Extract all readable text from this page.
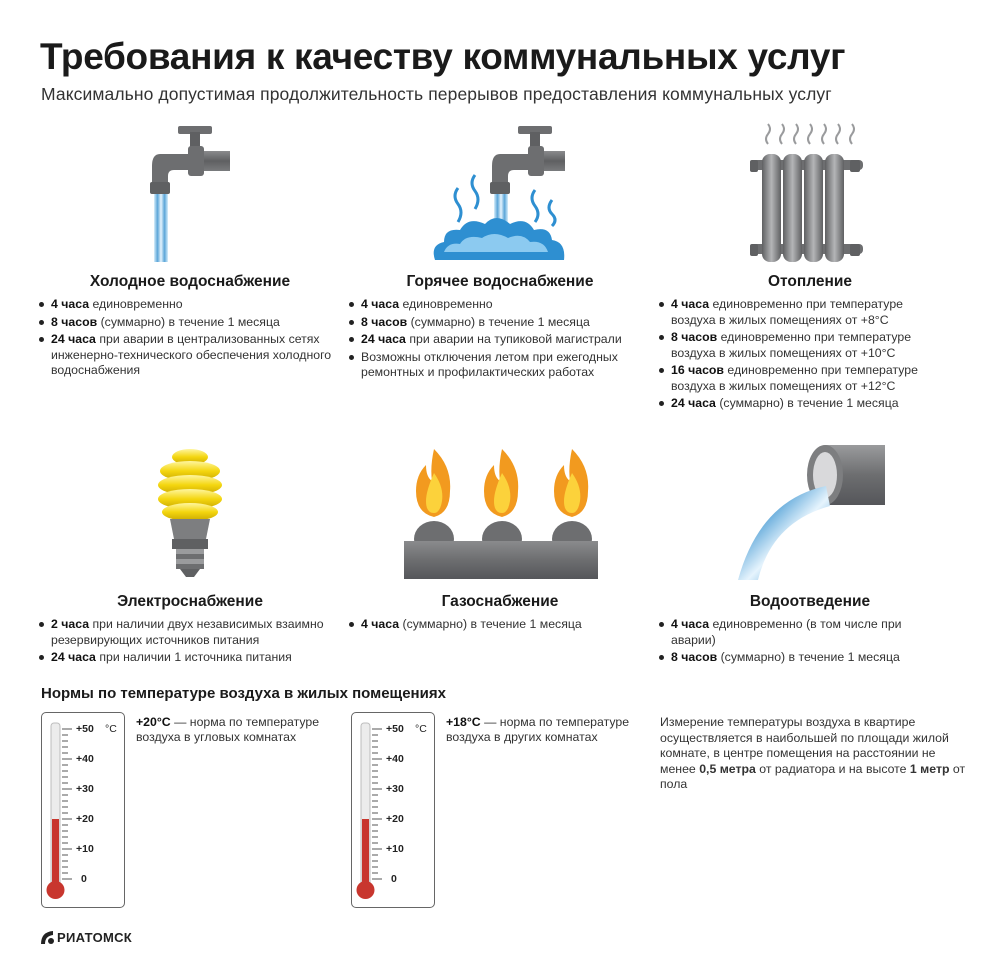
Требования к качеству коммунальных услуг
Максимально допустимая продолжительность перерывов предоставления коммунальных услуг
Холодное водоснабжение	Горячее водоснабжение	Отопление
Электроснабжение	Газоснабжение	Водоотведение
4 часа единовременно
8 часов (суммарно) в течение 1 месяца
24 часа при аварии в централизованных сетях инженерно-технического обеспечения холодного водоснабжения
4 часа единовременно
8 часов (суммарно) в течение 1 месяца
24 часа при аварии на тупиковой магистрали
Возможны отключения летом при ежегодных ремонтных и профилактических работах
4 часа единовременно при температуре воздуха в жилых помещениях от +8°C
8 часов единовременно при температуре воздуха в жилых помещениях от +10°C
16 часов единовременно при температуре воздуха в жилых помещениях от +12°C
24 часа (суммарно) в течение 1 месяца
2 часа при наличии двух независимых взаимно резервирующих источников питания
24 часа при наличии 1 источника питания
4 часа (суммарно) в течение 1 месяца	4 часа единовременно (в том числе при аварии)
8 часов (суммарно) в течение 1 месяца
Нормы по температуре воздуха в жилых помещениях
°C
+50
+40
+30
+20
+10
0
+20°C — норма по температуре воздуха в угловых комнатах
°C
+50
+40
+30
+20
+10
0
+18°C — норма по температуре воздуха в других комнатах
Измерение температуры воздуха в квартире осуществляется в наибольшей по площади жилой комнате, в центре помещения на расстоянии не менее 0,5 метра от радиатора и на высоте 1 метр от пола
РИАТОМСК
